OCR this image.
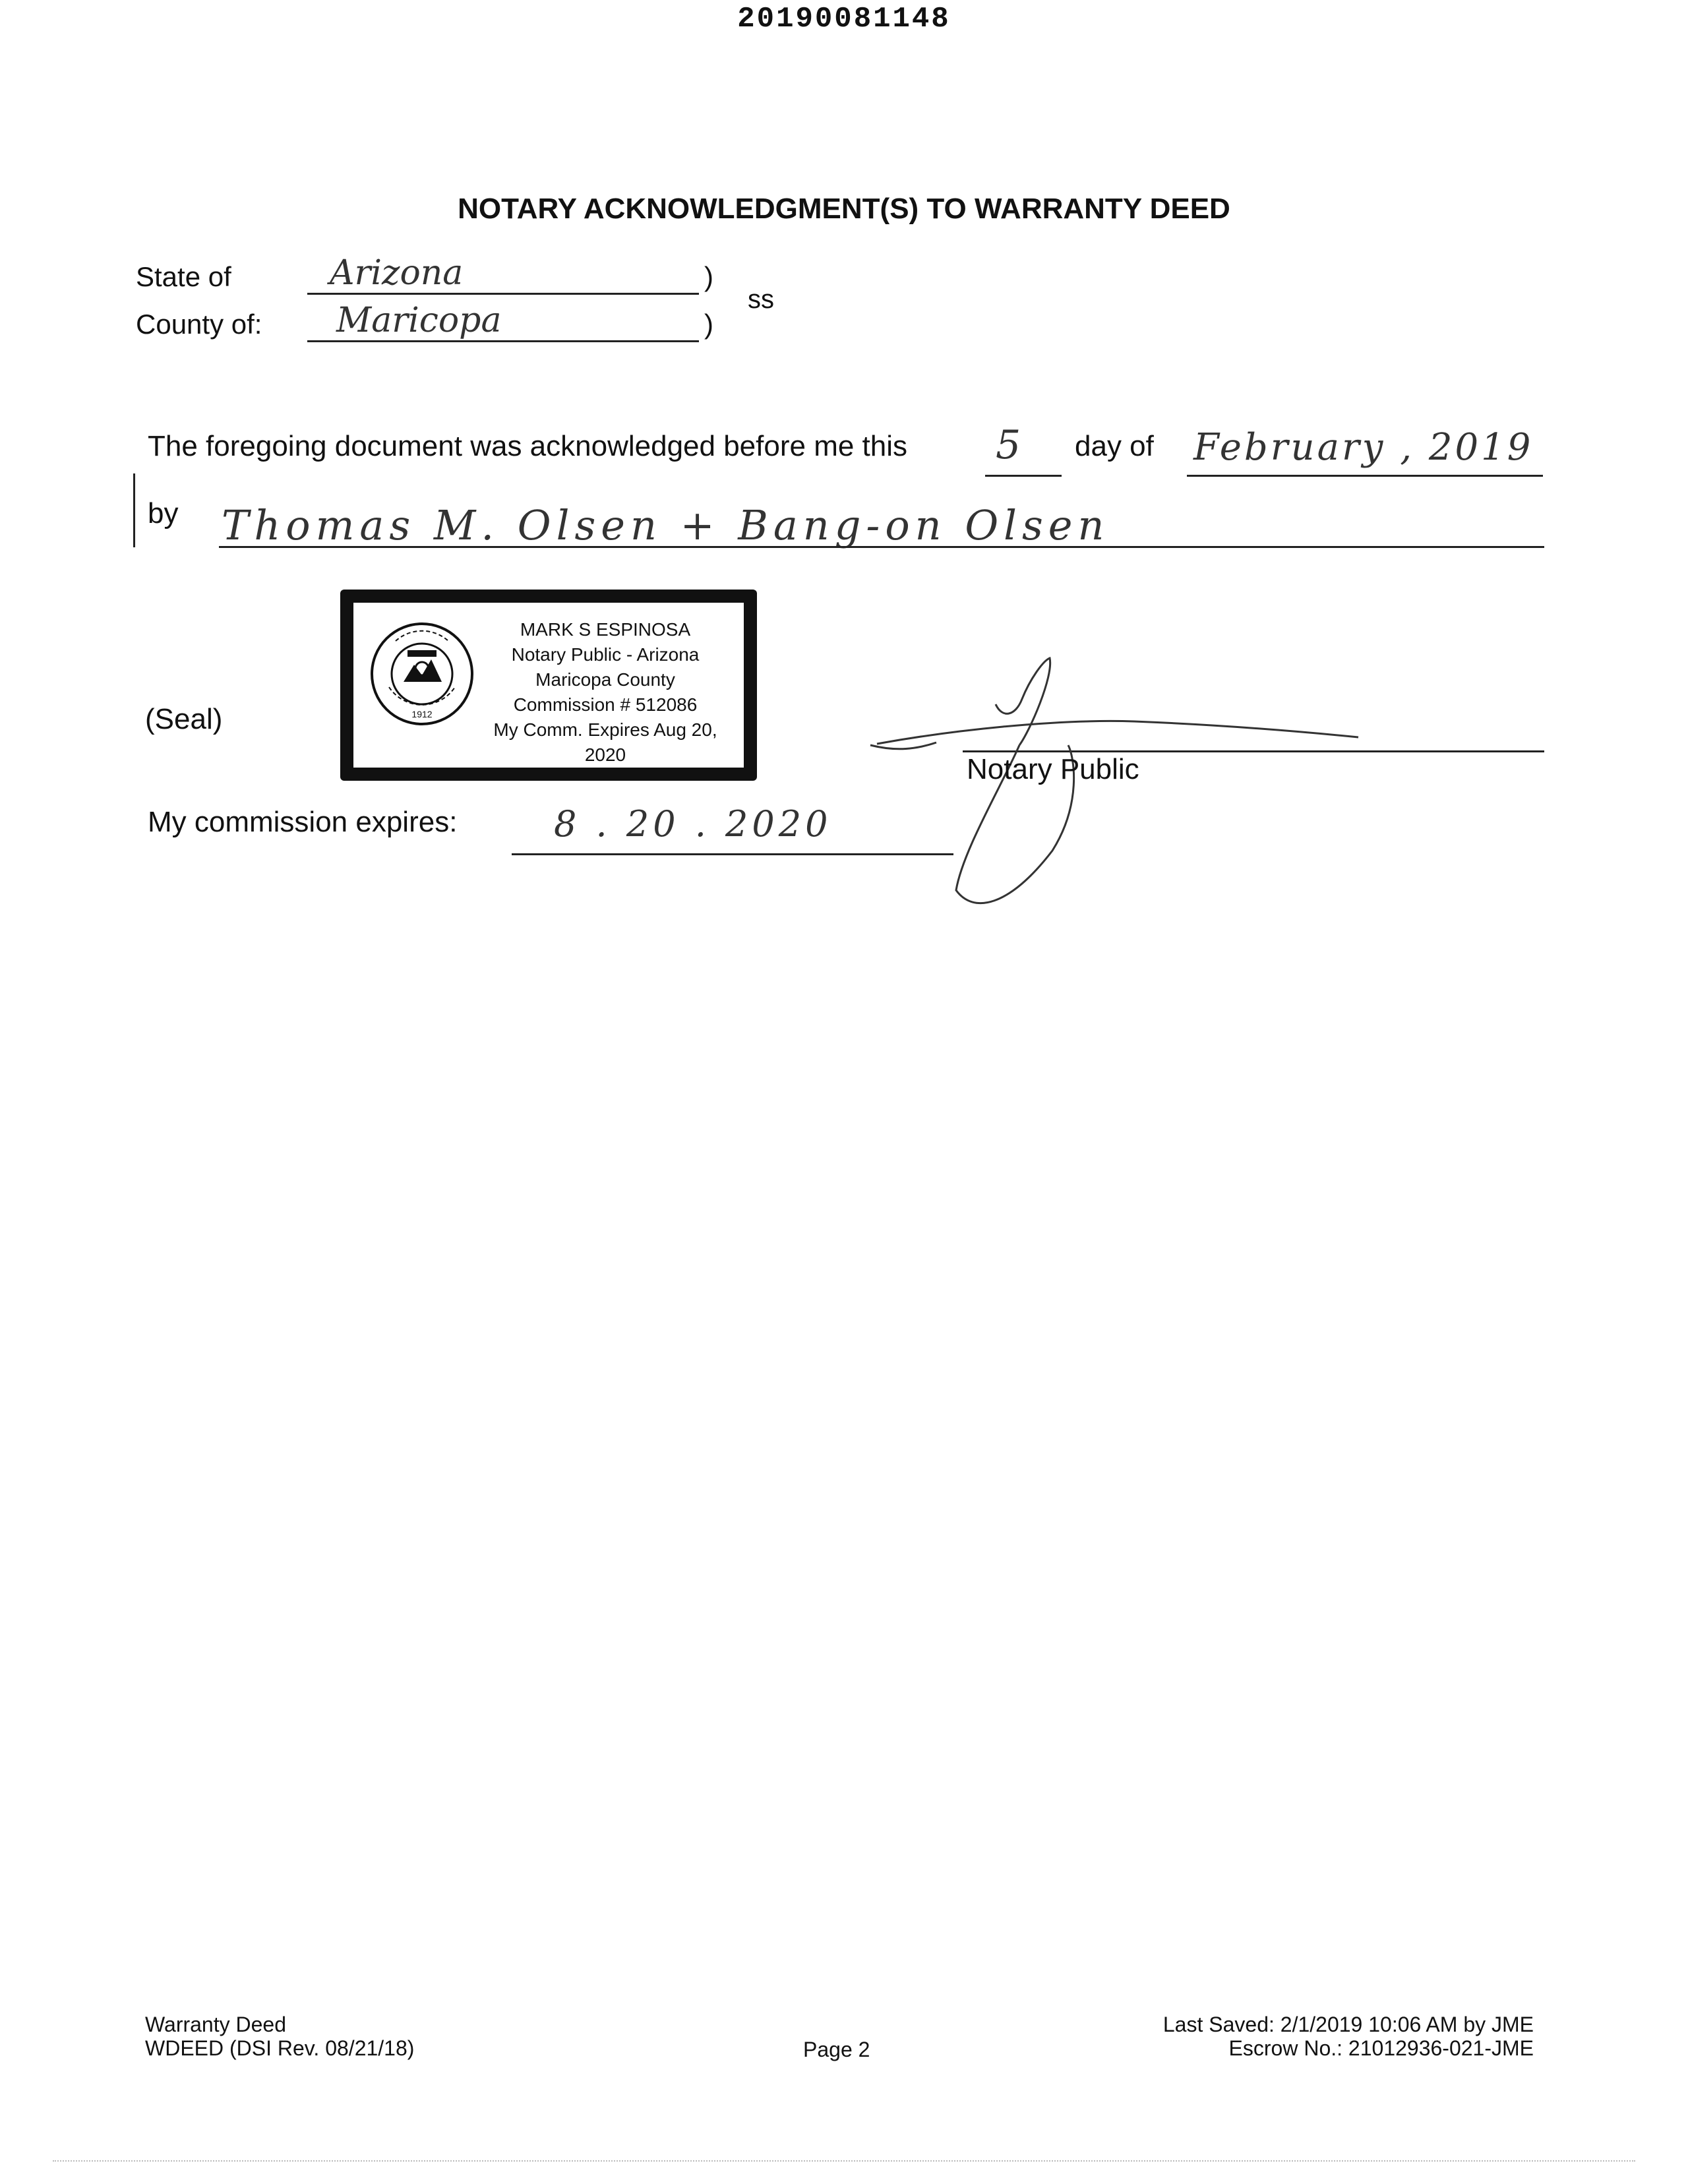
20190081148
NOTARY ACKNOWLEDGMENT(S) TO WARRANTY DEED
State of	Arizona	)
County of: Maricopa	)
ss
The foregoing document was acknowledged before me this 5 day of February , 2019
by Thomas M. Olsen + Bang-on Olsen
(Seal)	1912
MARK S ESPINOSA
Notary Public - Arizona
Maricopa County
Commission # 512086
My Comm. Expires Aug 20, 2020	Notary Public
My commission expires:	8 . 20 . 2020
Warranty Deed
WDEED (DSI Rev. 08/21/18)	Page 2
Last Saved: 2/1/2019 10:06 AM by JME
Escrow No.: 21012936-021-JME
